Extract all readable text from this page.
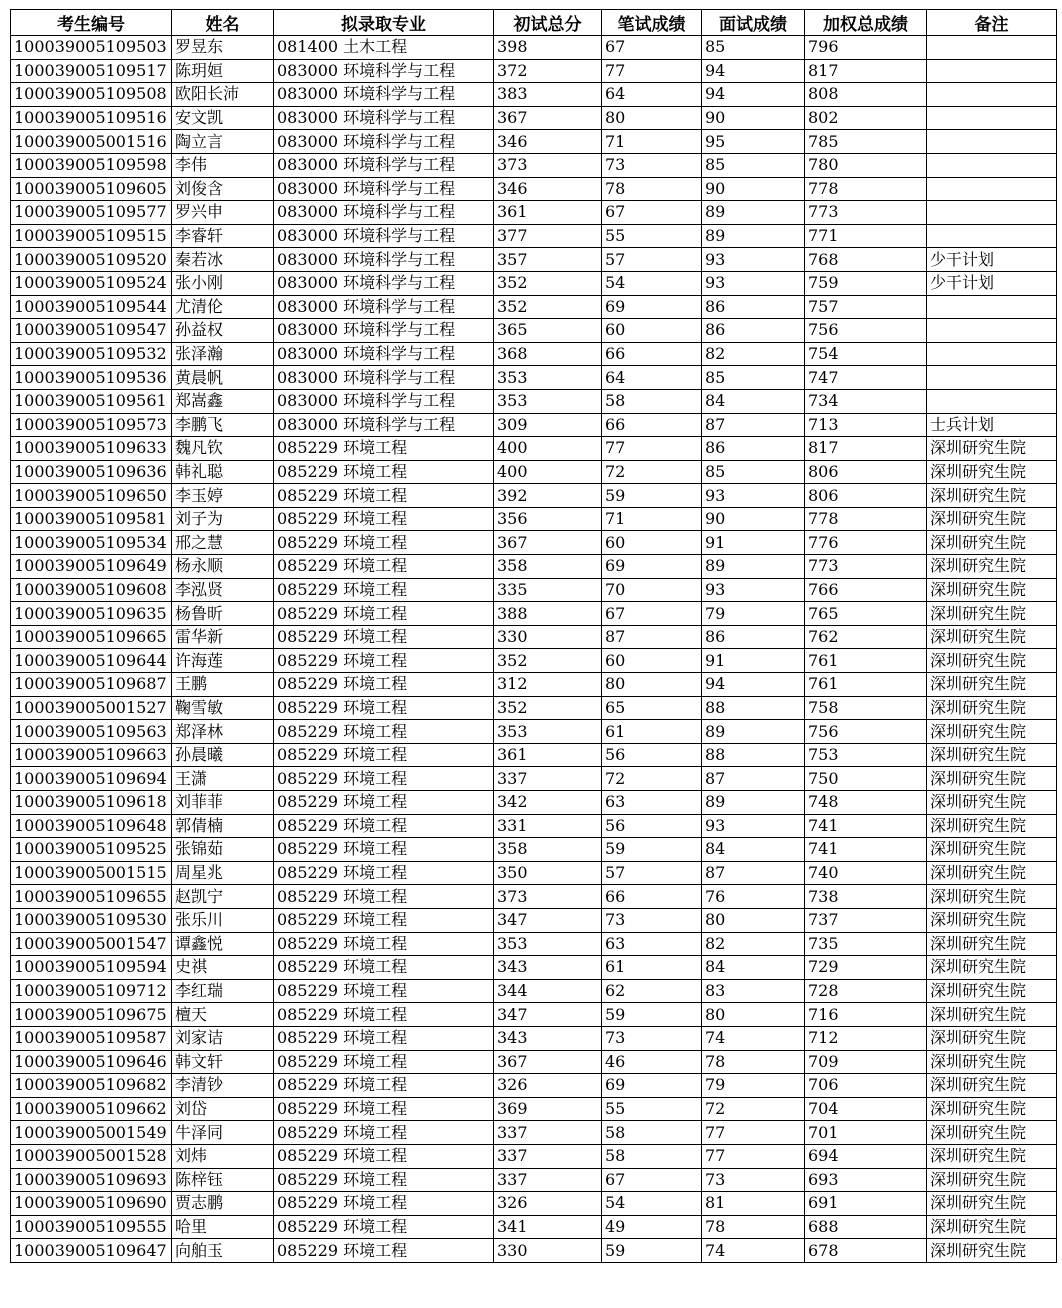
考生编号	姓名	拟录取专业	初试总分	笔试成绩	面试成绩	加权总成绩	备注
100039005109503	罗昱东	081400 土木工程	398	67	85	796	
100039005109517	陈玥姮	083000 环境科学与工程	372	77	94	817	
100039005109508	欧阳长沛	083000 环境科学与工程	383	64	94	808	
100039005109516	安文凯	083000 环境科学与工程	367	80	90	802	
100039005001516	陶立言	083000 环境科学与工程	346	71	95	785	
100039005109598	李伟	083000 环境科学与工程	373	73	85	780	
100039005109605	刘俊含	083000 环境科学与工程	346	78	90	778	
100039005109577	罗兴申	083000 环境科学与工程	361	67	89	773	
100039005109515	李睿轩	083000 环境科学与工程	377	55	89	771	
100039005109520	秦若冰	083000 环境科学与工程	357	57	93	768	少干计划
100039005109524	张小刚	083000 环境科学与工程	352	54	93	759	少干计划
100039005109544	尤清伦	083000 环境科学与工程	352	69	86	757	
100039005109547	孙益权	083000 环境科学与工程	365	60	86	756	
100039005109532	张泽瀚	083000 环境科学与工程	368	66	82	754	
100039005109536	黄晨帆	083000 环境科学与工程	353	64	85	747	
100039005109561	郑嵩鑫	083000 环境科学与工程	353	58	84	734	
100039005109573	李鹏飞	083000 环境科学与工程	309	66	87	713	士兵计划
100039005109633	魏凡钦	085229 环境工程	400	77	86	817	深圳研究生院
100039005109636	韩礼聪	085229 环境工程	400	72	85	806	深圳研究生院
100039005109650	李玉婷	085229 环境工程	392	59	93	806	深圳研究生院
100039005109581	刘子为	085229 环境工程	356	71	90	778	深圳研究生院
100039005109534	邢之慧	085229 环境工程	367	60	91	776	深圳研究生院
100039005109649	杨永顺	085229 环境工程	358	69	89	773	深圳研究生院
100039005109608	李泓贤	085229 环境工程	335	70	93	766	深圳研究生院
100039005109635	杨鲁昕	085229 环境工程	388	67	79	765	深圳研究生院
100039005109665	雷华新	085229 环境工程	330	87	86	762	深圳研究生院
100039005109644	许海莲	085229 环境工程	352	60	91	761	深圳研究生院
100039005109687	王鹏	085229 环境工程	312	80	94	761	深圳研究生院
100039005001527	鞠雪敏	085229 环境工程	352	65	88	758	深圳研究生院
100039005109563	郑泽林	085229 环境工程	353	61	89	756	深圳研究生院
100039005109663	孙晨曦	085229 环境工程	361	56	88	753	深圳研究生院
100039005109694	王潇	085229 环境工程	337	72	87	750	深圳研究生院
100039005109618	刘菲菲	085229 环境工程	342	63	89	748	深圳研究生院
100039005109648	郭倩楠	085229 环境工程	331	56	93	741	深圳研究生院
100039005109525	张锦茹	085229 环境工程	358	59	84	741	深圳研究生院
100039005001515	周星兆	085229 环境工程	350	57	87	740	深圳研究生院
100039005109655	赵凯宁	085229 环境工程	373	66	76	738	深圳研究生院
100039005109530	张乐川	085229 环境工程	347	73	80	737	深圳研究生院
100039005001547	谭鑫悦	085229 环境工程	353	63	82	735	深圳研究生院
100039005109594	史祺	085229 环境工程	343	61	84	729	深圳研究生院
100039005109712	李红瑞	085229 环境工程	344	62	83	728	深圳研究生院
100039005109675	檀天	085229 环境工程	347	59	80	716	深圳研究生院
100039005109587	刘家诘	085229 环境工程	343	73	74	712	深圳研究生院
100039005109646	韩文轩	085229 环境工程	367	46	78	709	深圳研究生院
100039005109682	李清钞	085229 环境工程	326	69	79	706	深圳研究生院
100039005109662	刘岱	085229 环境工程	369	55	72	704	深圳研究生院
100039005001549	牛泽同	085229 环境工程	337	58	77	701	深圳研究生院
100039005001528	刘炜	085229 环境工程	337	58	77	694	深圳研究生院
100039005109693	陈梓钰	085229 环境工程	337	67	73	693	深圳研究生院
100039005109690	贾志鹏	085229 环境工程	326	54	81	691	深圳研究生院
100039005109555	哈里	085229 环境工程	341	49	78	688	深圳研究生院
100039005109647	向舶玉	085229 环境工程	330	59	74	678	深圳研究生院
